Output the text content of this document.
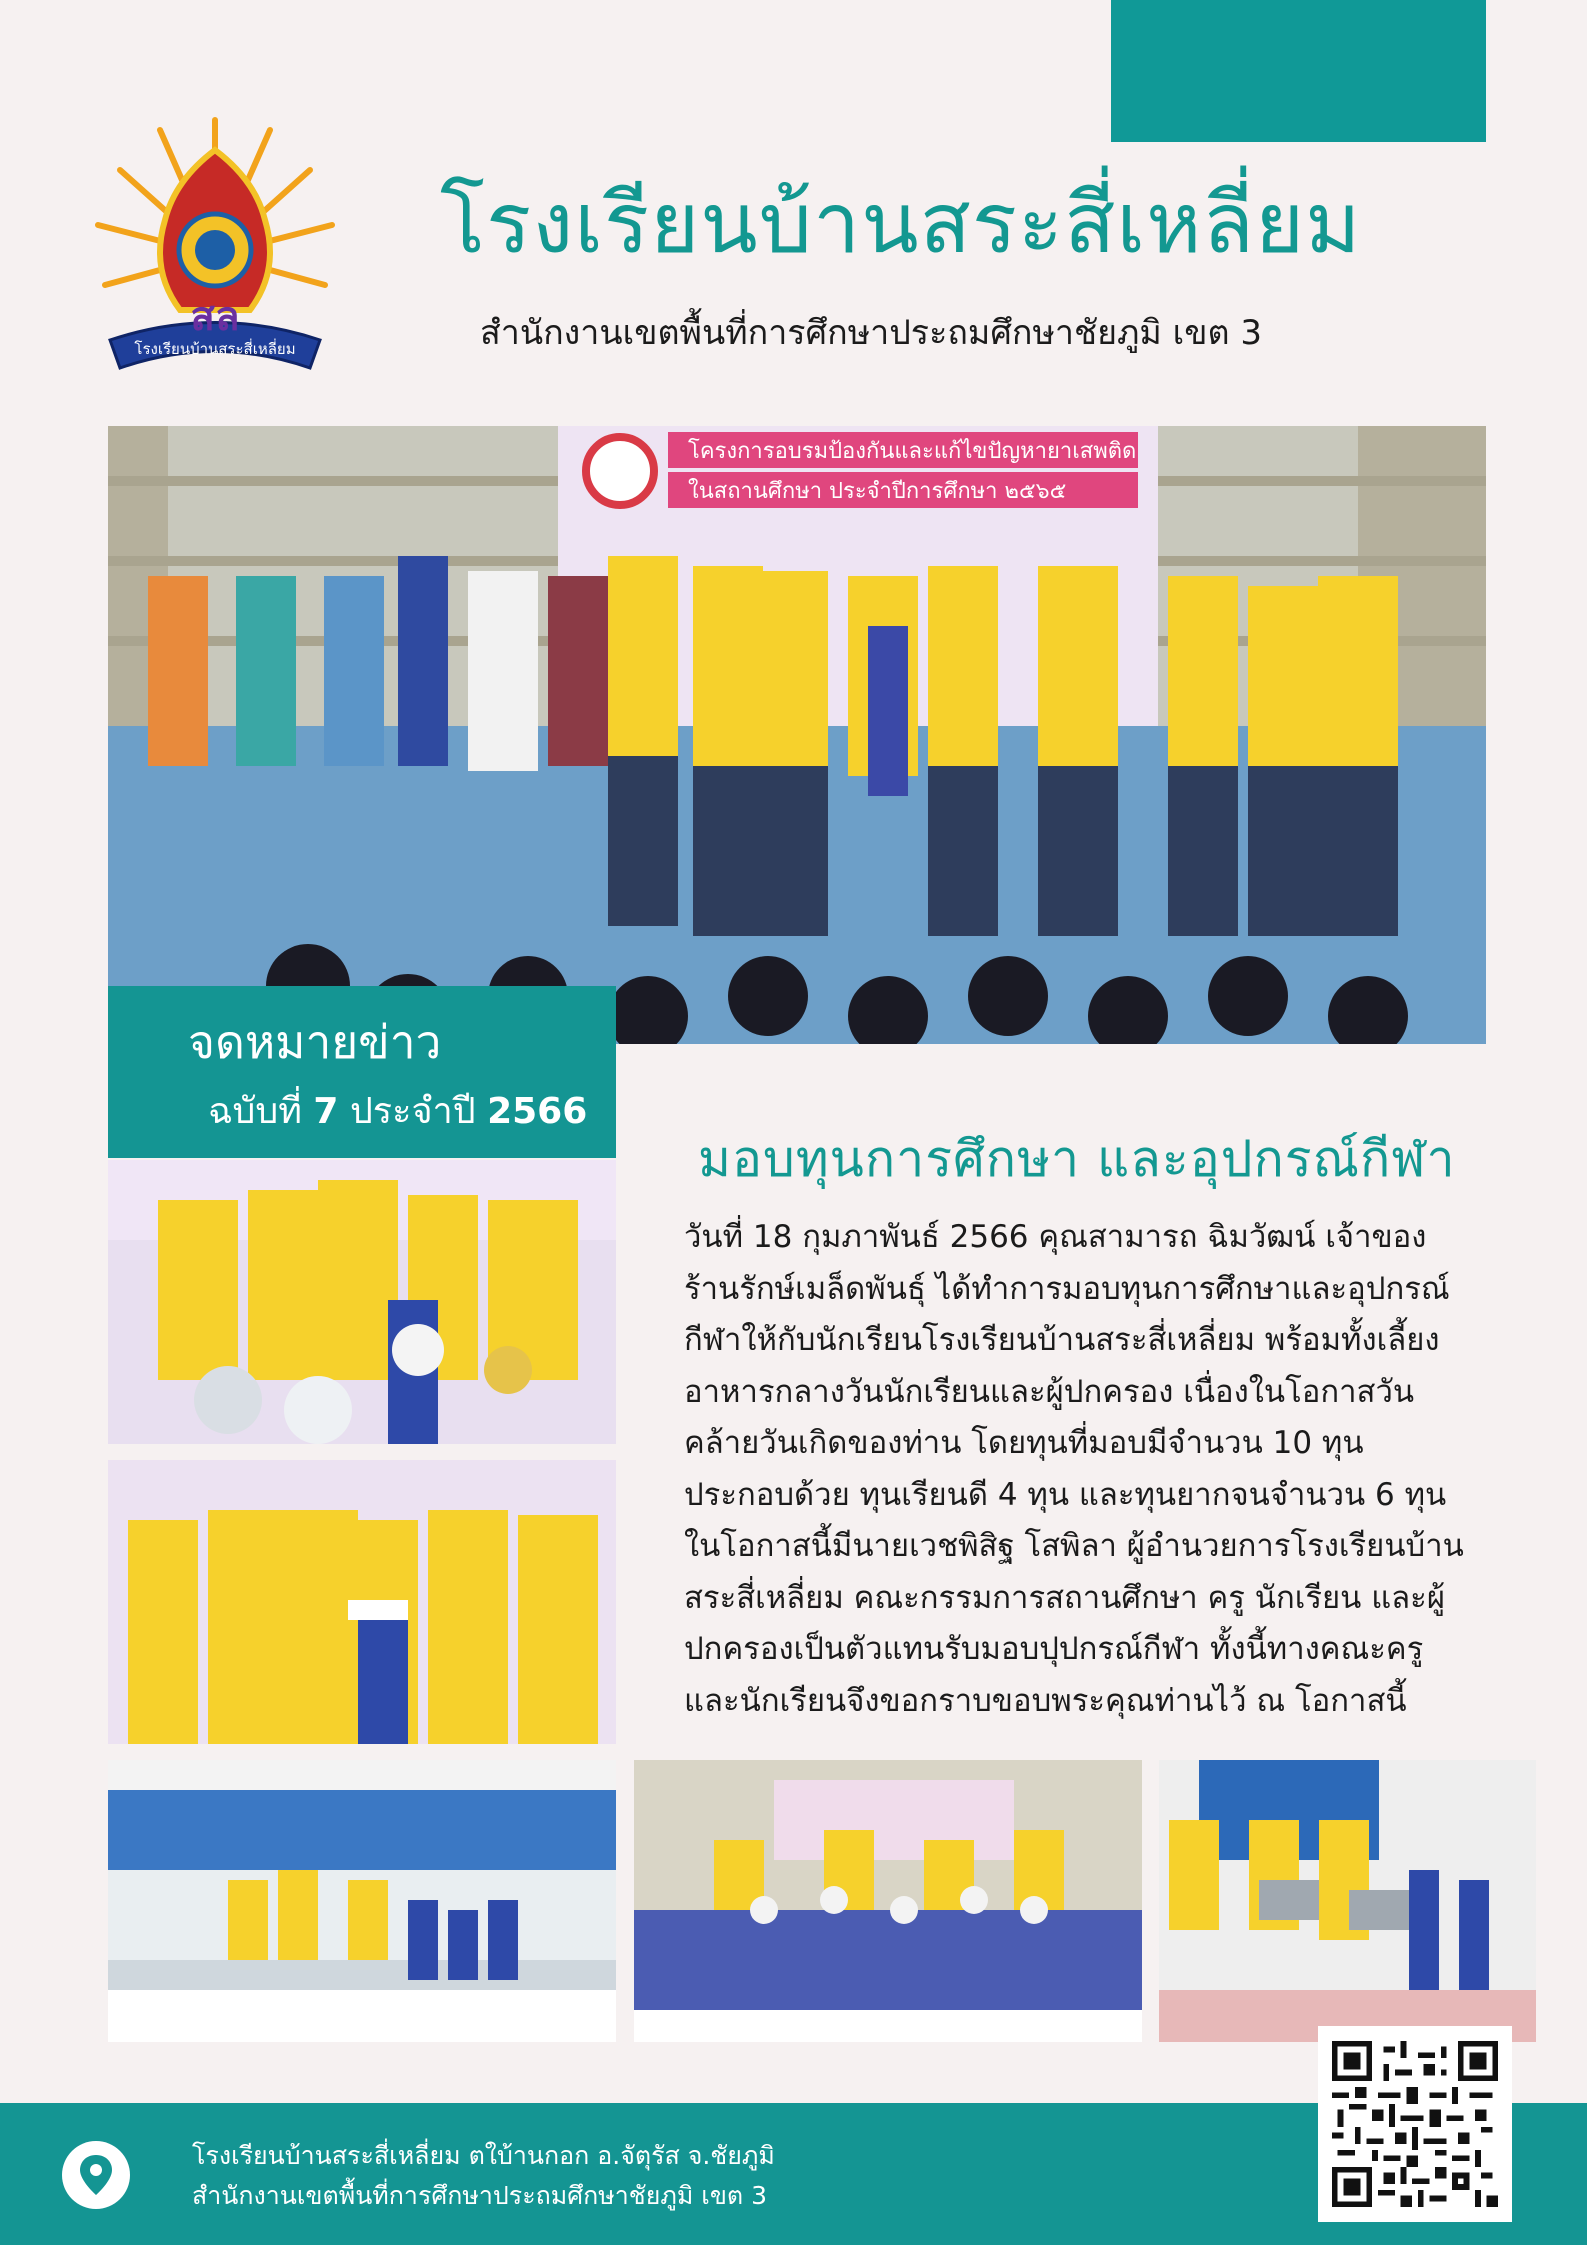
สล
โรงเรียนบ้านสระสี่เหลี่ยม
โรงเรียนบ้านสระสี่เหลี่ยม
สำนักงานเขตพื้นที่การศึกษาประถมศึกษาชัยภูมิ เขต 3
โครงการอบรมป้องกันและแก้ไขปัญหายาเสพติด
ในสถานศึกษา ประจำปีการศึกษา ๒๕๖๕
จดหมายข่าว
ฉบับที่ 7 ประจำปี 2566
มอบทุนการศึกษา และอุปกรณ์กีฬา

วันที่ 18 กุมภาพันธ์ 2566 คุณสามารถ ฉิมวัฒน์ เจ้าของ

ร้านรักษ์เมล็ดพันธุ์ ได้ทำการมอบทุนการศึกษาและอุปกรณ์

กีฬาให้กับนักเรียนโรงเรียนบ้านสระสี่เหลี่ยม พร้อมทั้งเลี้ยง

อาหารกลางวันนักเรียนและผู้ปกครอง เนื่องในโอกาสวัน

คล้ายวันเกิดของท่าน โดยทุนที่มอบมีจำนวน 10 ทุน

ประกอบด้วย ทุนเรียนดี 4 ทุน และทุนยากจนจำนวน 6 ทุน

ในโอกาสนี้มีนายเวชพิสิฐ โสพิลา ผู้อำนวยการโรงเรียนบ้าน

สระสี่เหลี่ยม คณะกรรมการสถานศึกษา ครู นักเรียน และผู้

ปกครองเป็นตัวแทนรับมอบปุปกรณ์กีฬา ทั้งนี้ทางคณะครู

และนักเรียนจึงขอกราบขอบพระคุณท่านไว้ ณ โอกาสนี้

โรงเรียนบ้านสระสี่เหลี่ยม ตใบ้านกอก อ.จัตุรัส จ.ชัยภูมิ
สำนักงานเขตพื้นที่การศึกษาประถมศึกษาชัยภูมิ เขต 3
